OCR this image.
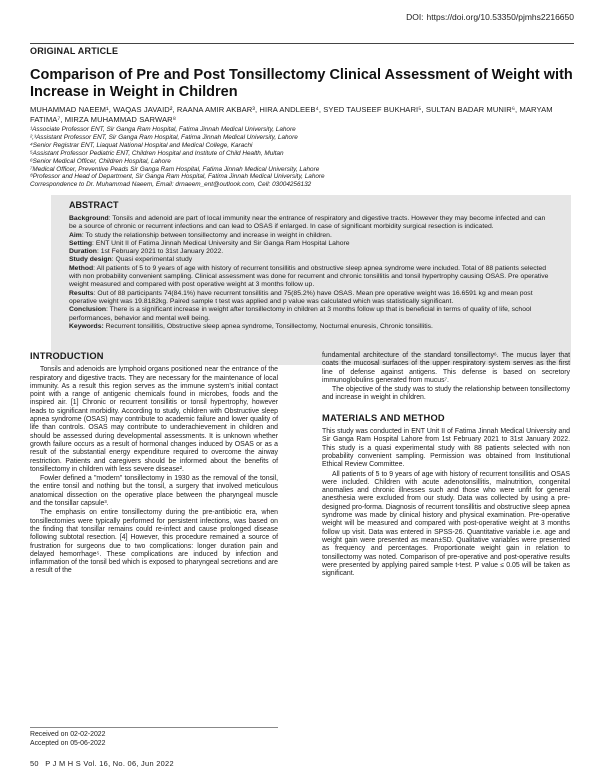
DOI: https://doi.org/10.53350/pjmhs2216650
ORIGINAL ARTICLE
Comparison of Pre and Post Tonsillectomy Clinical Assessment of Weight with Increase in Weight in Children
MUHAMMAD NAEEM¹, WAQAS JAVAID², RAANA AMIR AKBAR³, HIRA ANDLEEB⁴, SYED TAUSEEF BUKHARI⁵, SULTAN BADAR MUNIR⁶, MARYAM FATIMA⁷, MIRZA MUHAMMAD SARWAR⁸
¹Associate Professor ENT, Sir Ganga Ram Hospital, Fatima Jinnah Medical University, Lahore
²,³Assistant Professor ENT, Sir Ganga Ram Hospital, Fatima Jinnah Medical University, Lahore
⁴Senior Registrar ENT, Liaquat National Hospital and Medical College, Karachi
⁵Assistant Professor Pediatric ENT, Children Hospital and Institute of Child Health, Multan
⁶Senior Medical Officer, Children Hospital, Lahore
⁷Medical Officer, Preventive Peads Sir Ganga Ram Hospital, Fatima Jinnah Medical University, Lahore
⁸Professor and Head of Department, Sir Ganga Ram Hospital, Fatima Jinnah Medical University, Lahore
Correspondence to Dr. Muhammad Naeem, Email: drnaeem_ent@outlook.com, Cell: 03004256132
ABSTRACT

Background: Tonsils and adenoid are part of local immunity near the entrance of respiratory and digestive tracts. However they may become infected and can be a source of chronic or recurrent infections and can lead to OSAS if enlarged. In case of significant morbidity surgical resection is indicated.

Aim: To study the relationship between tonsillectomy and increase in weight in children.

Setting: ENT Unit II of Fatima Jinnah Medical University and Sir Ganga Ram Hospital Lahore

Duration: 1st February 2021 to 31st January 2022.

Study design: Quasi experimental study

Method: All patients of 5 to 9 years of age with history of recurrent tonsillitis and obstructive sleep apnea syndrome were included. Total of 88 patients selected with non probability convenient sampling. Clinical assessment was done for recurrent and chronic tonsillitis and tonsil hypertrophy causing OSAS. Pre operative weight measured and compared with post operative weight at 3 months follow up.

Results: Out of 88 participants 74(84.1%) have recurrent tonsillitis and 75(85.2%) have OSAS. Mean pre operative weight was 16.6591 kg and mean post operative weight was 19.8182kg. Paired sample t test was applied and p value was calculated which was statistically significant.

Conclusion: There is a significant increase in weight after tonsillectomy in children at 3 months follow up that is beneficial in terms of quality of life, school performances, behavior and mental well being.

Keywords: Recurrent tonsillitis, Obstructive sleep apnea syndrome, Tonsillectomy, Nocturnal enuresis, Chronic tonsillitis.

INTRODUCTION

Tonsils and adenoids are lymphoid organs positioned near the entrance of the respiratory and digestive tracts. They are necessary for the maintenance of local immunity. As a result this region serves as the immune system's initial contact point with a range of antigenic chemicals found in microbes, foods and the inspired air. [1] Chronic or recurrent tonsillitis or tonsil hypertrophy, however leads to significant morbidity. According to study, children with Obstructive sleep apnea syndrome (OSAS) may contribute to academic failure and lower quality of life than controls. OSAS may contribute to underachievement in children and should be assessed during developmental assessments. It is unknown whether growth failure occurs as a result of hormonal changes induced by OSAS or as a result of the substantial energy expenditure required to overcome the airway restriction. Patients and caregivers should be informed about the benefits of tonsillectomy in children with less severe disease².

Fowler defined a "modern" tonsillectomy in 1930 as the removal of the tonsil, the entire tonsil and nothing but the tonsil, a surgery that involved meticulous anatomical dissection on the operative place between the pharyngeal muscle and the tonsillar capsule³.

The emphasis on entire tonsillectomy during the pre-antibiotic era, when tonsillectomies were typically performed for persistent infections, was based on the finding that tonsillar remains could re-infect and cause prolonged disease following subtotal resection. [4] However, this procedure remained a source of frustration for surgeons due to two complications: longer duration pain and delayed hemorrhage⁵. These complications are induced by infection and inflammation of the tonsil bed which is exposed to pharyngeal secretions and are a result of the

fundamental architecture of the standard tonsillectomy⁶. The mucus layer that coats the mucosal surfaces of the upper respiratory system serves as the first line of defense against antigens. This defense is based on secretory immunoglobulins generated from mucus⁷.

The objective of the study was to study the relationship between tonsillectomy and increase in weight in children.

MATERIALS AND METHOD

This study was conducted in ENT Unit II of Fatima Jinnah Medical University and Sir Ganga Ram Hospital Lahore from 1st February 2021 to 31st January 2022. This study is a quasi experimental study with 88 patients selected with non probability convenient sampling. Permission was obtained from Institutional Ethical Review Committee.

All patients of 5 to 9 years of age with history of recurrent tonsillitis and OSAS were included. Children with acute adenotonsillitis, malnutrition, congenital anomalies and chronic illnesses such and those who were unfit for general anesthesia were excluded from our study. Data was collected by using a pre-designed pro-forma. Diagnosis of recurrent tonsillitis and obstructive sleep apnea syndrome was made by clinical history and physical examination. Pre-operative weight will be measured and compared with post-operative weight at 3 months follow up visit. Data was entered in SPSS-26. Quantitative variable i.e. age and weight gain were presented as mean±SD. Qualitative variables were presented as frequency and percentages. Proportionate weight gain in relation to tonsillectomy was noted. Comparison of pre-operative and post-operative results were presented by applying paired sample t-test. P value ≤ 0.05 will be taken as significant.

Received on 02-02-2022
Accepted on 05-06-2022
50 P J M H S Vol. 16, No. 06, Jun 2022
